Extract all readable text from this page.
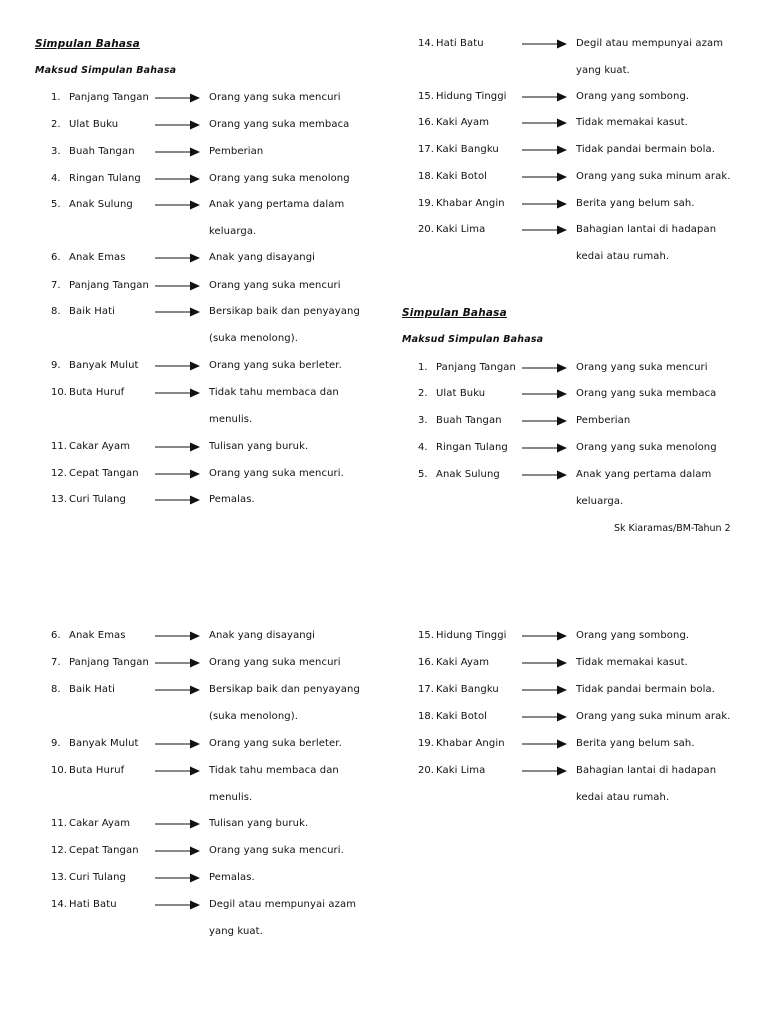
Simpulan Bahasa
Maksud Simpulan Bahasa
Simpulan Bahasa
Maksud Simpulan Bahasa
Sk Kiaramas/BM-Tahun 2
1. Panjang Tangan	Orang yang suka mencuri
2. Ulat Buku	Orang yang suka membaca
3. Buah Tangan	Pemberian
4. Ringan Tulang	Orang yang suka menolong
5. Anak Sulung	Anak yang pertama dalam
keluarga.
6. Anak Emas	Anak yang disayangi
7. Panjang Tangan	Orang yang suka mencuri
8. Baik Hati	Bersikap baik dan penyayang
(suka menolong).
9. Banyak Mulut	Orang yang suka berleter.
10. Buta Huruf	Tidak tahu membaca dan
menulis.
11. Cakar Ayam	Tulisan yang buruk.
12. Cepat Tangan	Orang yang suka mencuri.
13. Curi Tulang	Pemalas.
14. Hati Batu	Degil atau mempunyai azam
yang kuat.
15. Hidung Tinggi	Orang yang sombong.
16. Kaki Ayam	Tidak memakai kasut.
17. Kaki Bangku	Tidak pandai bermain bola.
18. Kaki Botol	Orang yang suka minum arak.
19. Khabar Angin	Berita yang belum sah.
20. Kaki Lima	Bahagian lantai di hadapan
kedai atau rumah.
1. Panjang Tangan	Orang yang suka mencuri
2. Ulat Buku	Orang yang suka membaca
3. Buah Tangan	Pemberian
4. Ringan Tulang	Orang yang suka menolong
5. Anak Sulung	Anak yang pertama dalam
keluarga.
6. Anak Emas	Anak yang disayangi
7. Panjang Tangan	Orang yang suka mencuri
8. Baik Hati	Bersikap baik dan penyayang
(suka menolong).
9. Banyak Mulut	Orang yang suka berleter.
10. Buta Huruf	Tidak tahu membaca dan
menulis.
11. Cakar Ayam	Tulisan yang buruk.
12. Cepat Tangan	Orang yang suka mencuri.
13. Curi Tulang	Pemalas.
14. Hati Batu	Degil atau mempunyai azam
yang kuat.
15. Hidung Tinggi	Orang yang sombong.
16. Kaki Ayam	Tidak memakai kasut.
17. Kaki Bangku	Tidak pandai bermain bola.
18. Kaki Botol	Orang yang suka minum arak.
19. Khabar Angin	Berita yang belum sah.
20. Kaki Lima	Bahagian lantai di hadapan
kedai atau rumah.
